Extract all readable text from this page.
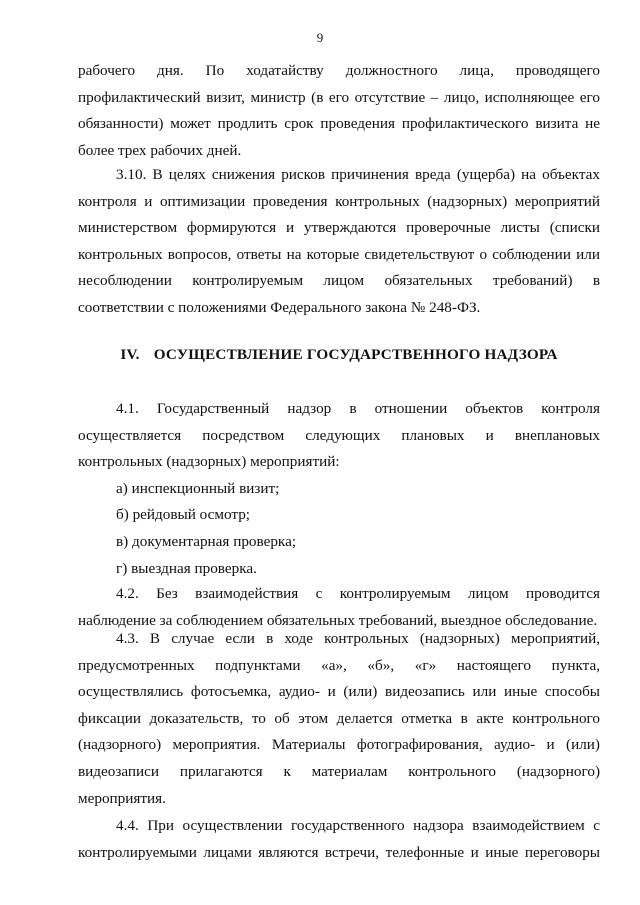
9

рабочего дня. По ходатайству должностного лица, проводящего профилактический визит, министр (в его отсутствие – лицо, исполняющее его обязанности) может продлить срок проведения профилактического визита не более трех рабочих дней.

3.10. В целях снижения рисков причинения вреда (ущерба) на объектах контроля и оптимизации проведения контрольных (надзорных) мероприятий министерством формируются и утверждаются проверочные листы (списки контрольных вопросов, ответы на которые свидетельствуют о соблюдении или несоблюдении контролируемым лицом обязательных требований) в соответствии с положениями Федерального закона № 248-ФЗ.

IV. ОСУЩЕСТВЛЕНИЕ ГОСУДАРСТВЕННОГО НАДЗОРА

4.1. Государственный надзор в отношении объектов контроля осуществляется посредством следующих плановых и внеплановых контрольных (надзорных) мероприятий:

а) инспекционный визит;

б) рейдовый осмотр;

в) документарная проверка;

г) выездная проверка.

4.2. Без взаимодействия с контролируемым лицом проводится наблюдение за соблюдением обязательных требований, выездное обследование.

4.3. В случае если в ходе контрольных (надзорных) мероприятий, предусмотренных подпунктами «а», «б», «г» настоящего пункта, осуществлялись фотосъемка, аудио- и (или) видеозапись или иные способы фиксации доказательств, то об этом делается отметка в акте контрольного (надзорного) мероприятия. Материалы фотографирования, аудио- и (или) видеозаписи прилагаются к материалам контрольного (надзорного) мероприятия.

4.4. При осуществлении государственного надзора взаимодействием с контролируемыми лицами являются встречи, телефонные и иные переговоры
